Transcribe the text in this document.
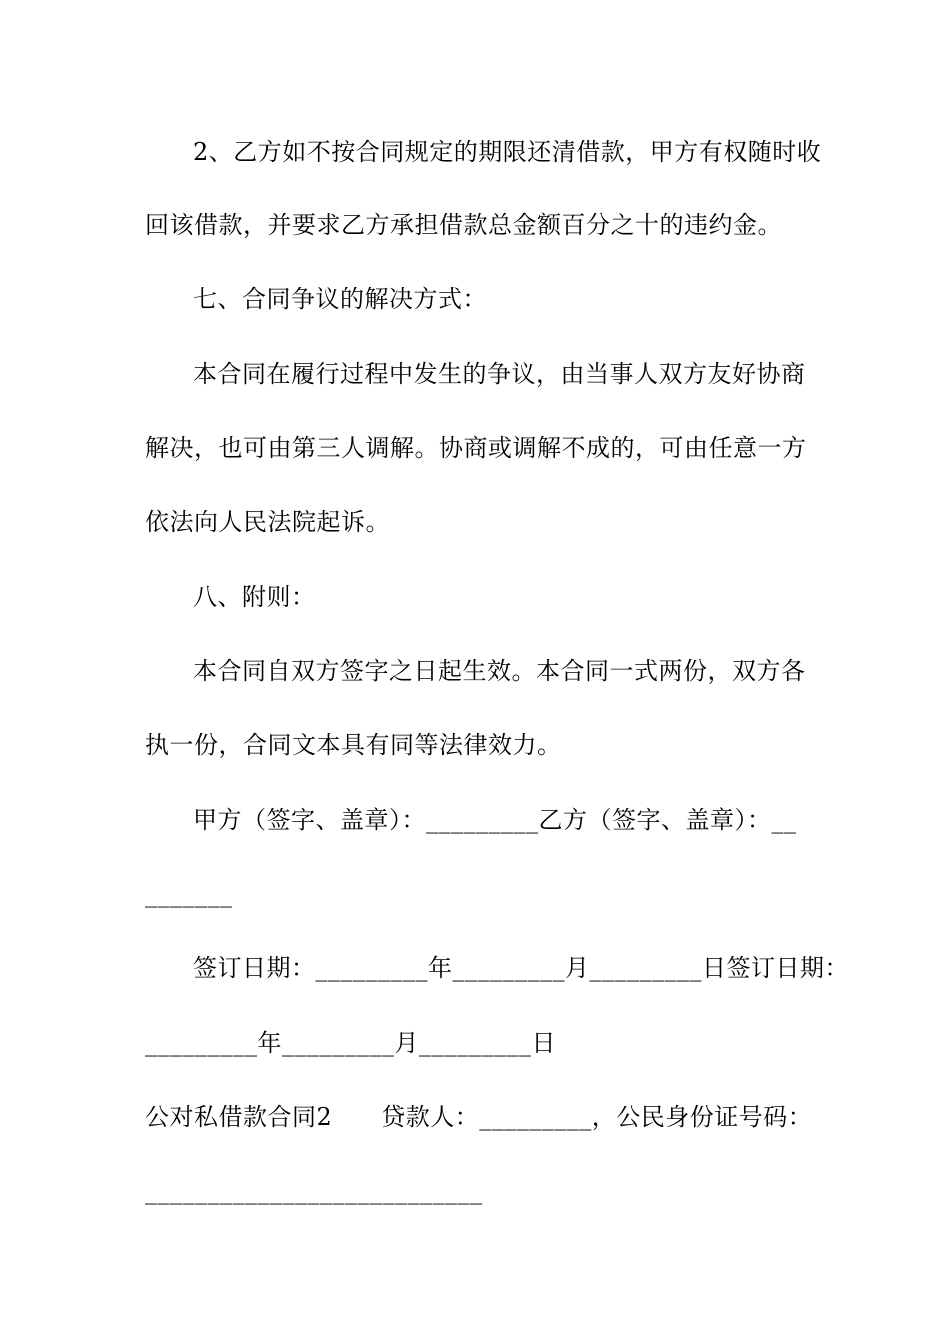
2、乙方如不按合同规定的期限还清借款，甲方有权随时收
回该借款，并要求乙方承担借款总金额百分之十的违约金。
七、合同争议的解决方式：
本合同在履行过程中发生的争议，由当事人双方友好协商
解决，也可由第三人调解。协商或调解不成的，可由任意一方
依法向人民法院起诉。
八、附则：
本合同自双方签字之日起生效。本合同一式两份，双方各
执一份，合同文本具有同等法律效力。
甲方（签字、盖章）：_________乙方（签字、盖章）：__
_______
签订日期：_________年_________月_________日签订日期：
_________年_________月_________日
公对私借款合同2　　贷款人：_________，公民身份证号码：
___________________________
